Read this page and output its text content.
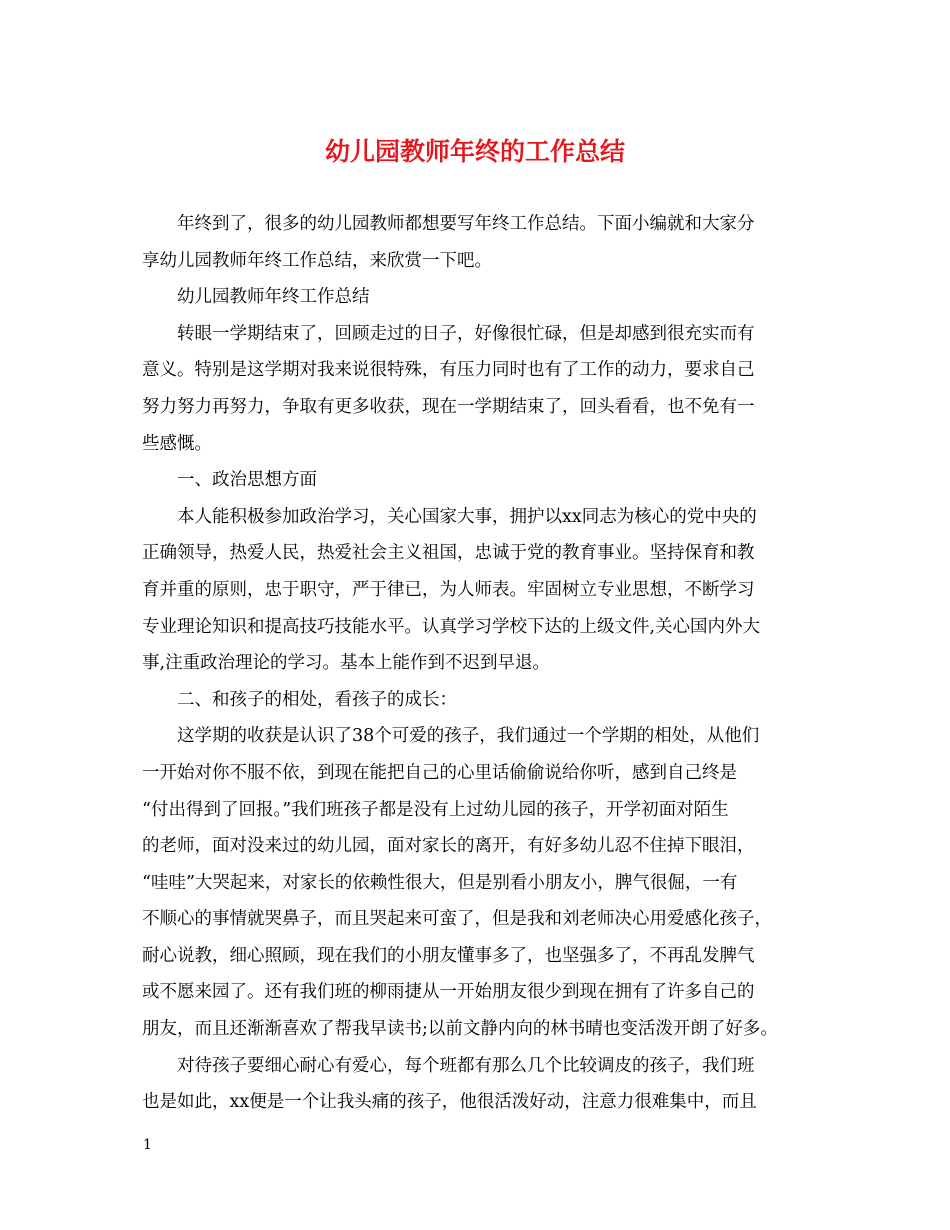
幼儿园教师年终的工作总结
年终到了，很多的幼儿园教师都想要写年终工作总结。下面小编就和大家分
享幼儿园教师年终工作总结，来欣赏一下吧。
幼儿园教师年终工作总结
转眼一学期结束了，回顾走过的日子，好像很忙碌，但是却感到很充实而有
意义。特别是这学期对我来说很特殊，有压力同时也有了工作的动力，要求自己
努力努力再努力，争取有更多收获，现在一学期结束了，回头看看，也不免有一
些感慨。
一、政治思想方面
本人能积极参加政治学习，关心国家大事，拥护以xx同志为核心的党中央的
正确领导，热爱人民，热爱社会主义祖国，忠诚于党的教育事业。坚持保育和教
育并重的原则，忠于职守，严于律已，为人师表。牢固树立专业思想，不断学习
专业理论知识和提高技巧技能水平。认真学习学校下达的上级文件,关心国内外大
事,注重政治理论的学习。基本上能作到不迟到早退。
二、和孩子的相处，看孩子的成长：
这学期的收获是认识了38个可爱的孩子，我们通过一个学期的相处，从他们
一开始对你不服不依，到现在能把自己的心里话偷偷说给你听，感到自己终是
“付出得到了回报。”我们班孩子都是没有上过幼儿园的孩子，开学初面对陌生
的老师，面对没来过的幼儿园，面对家长的离开，有好多幼儿忍不住掉下眼泪，
“哇哇”大哭起来，对家长的依赖性很大，但是别看小朋友小，脾气很倔，一有
不顺心的事情就哭鼻子，而且哭起来可蛮了，但是我和刘老师决心用爱感化孩子，
耐心说教，细心照顾，现在我们的小朋友懂事多了，也坚强多了，不再乱发脾气
或不愿来园了。还有我们班的柳雨捷从一开始朋友很少到现在拥有了许多自己的
朋友，而且还渐渐喜欢了帮我早读书;以前文静内向的林书晴也变活泼开朗了好多。
对待孩子要细心耐心有爱心，每个班都有那么几个比较调皮的孩子，我们班
也是如此，xx便是一个让我头痛的孩子，他很活泼好动，注意力很难集中，而且
1
